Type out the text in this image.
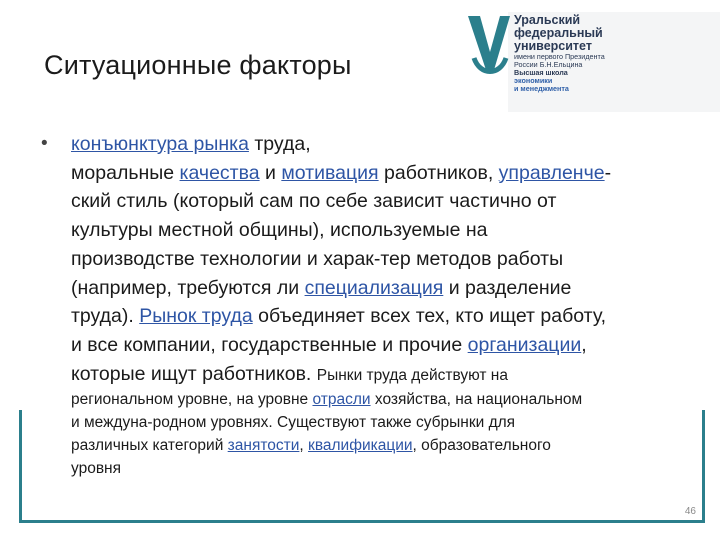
Ситуационные факторы
Уральский
федеральный
университет
имени первого Президента
России Б.Н.Ельцина
Высшая школа
экономики
и менеджмента
46
• конъюнктура рынка труда,
моральные качества и мотивация работников, управленче-
ский стиль (который сам по себе зависит частично от
культуры местной общины), используемые на
производстве технологии и харак-тер методов работы
(например, требуются ли специализация и разделение
труда). Рынок труда объединяет всех тех, кто ищет работу,
и все компании, государственные и прочие организации,
которые ищут работников. Рынки труда действуют на
региональном уровне, на уровне отрасли хозяйства, на национальном
и междуна-родном уровнях. Существуют также субрынки для
различных категорий занятости, квалификации, образовательного
уровня
